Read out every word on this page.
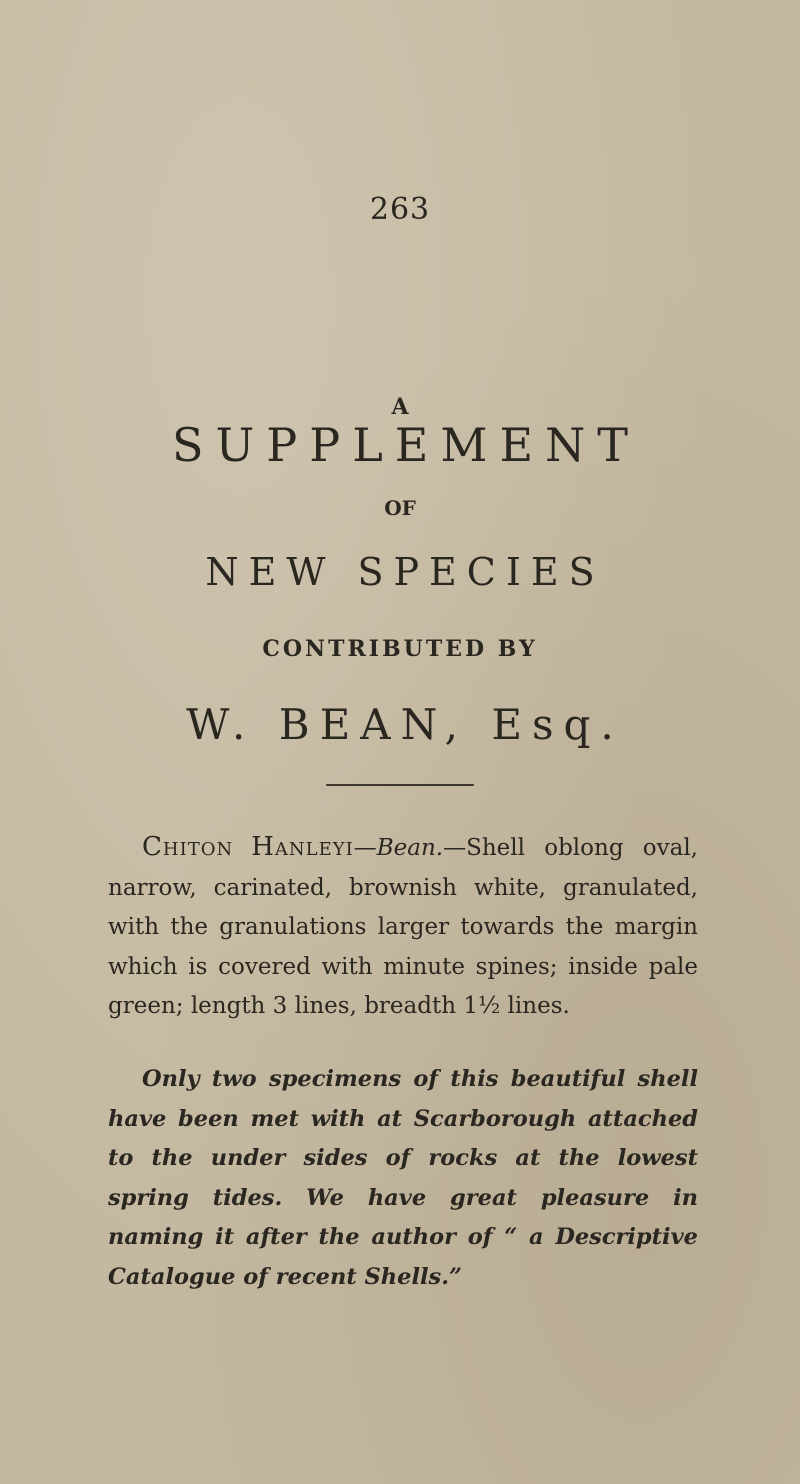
263
A
SUPPLEMENT
OF
NEW SPECIES
CONTRIBUTED BY
W. BEAN, Esq.
Chiton Hanleyi—Bean.—Shell oblong oval, narrow, carinated, brownish white, granulated, with the granulations larger towards the margin which is covered with minute spines; inside pale green; length 3 lines, breadth 1½ lines.
Only two specimens of this beautiful shell have been met with at Scarborough attached to the under sides of rocks at the lowest spring tides. We have great pleasure in naming it after the author of “ a Descriptive Catalogue of recent Shells.”
